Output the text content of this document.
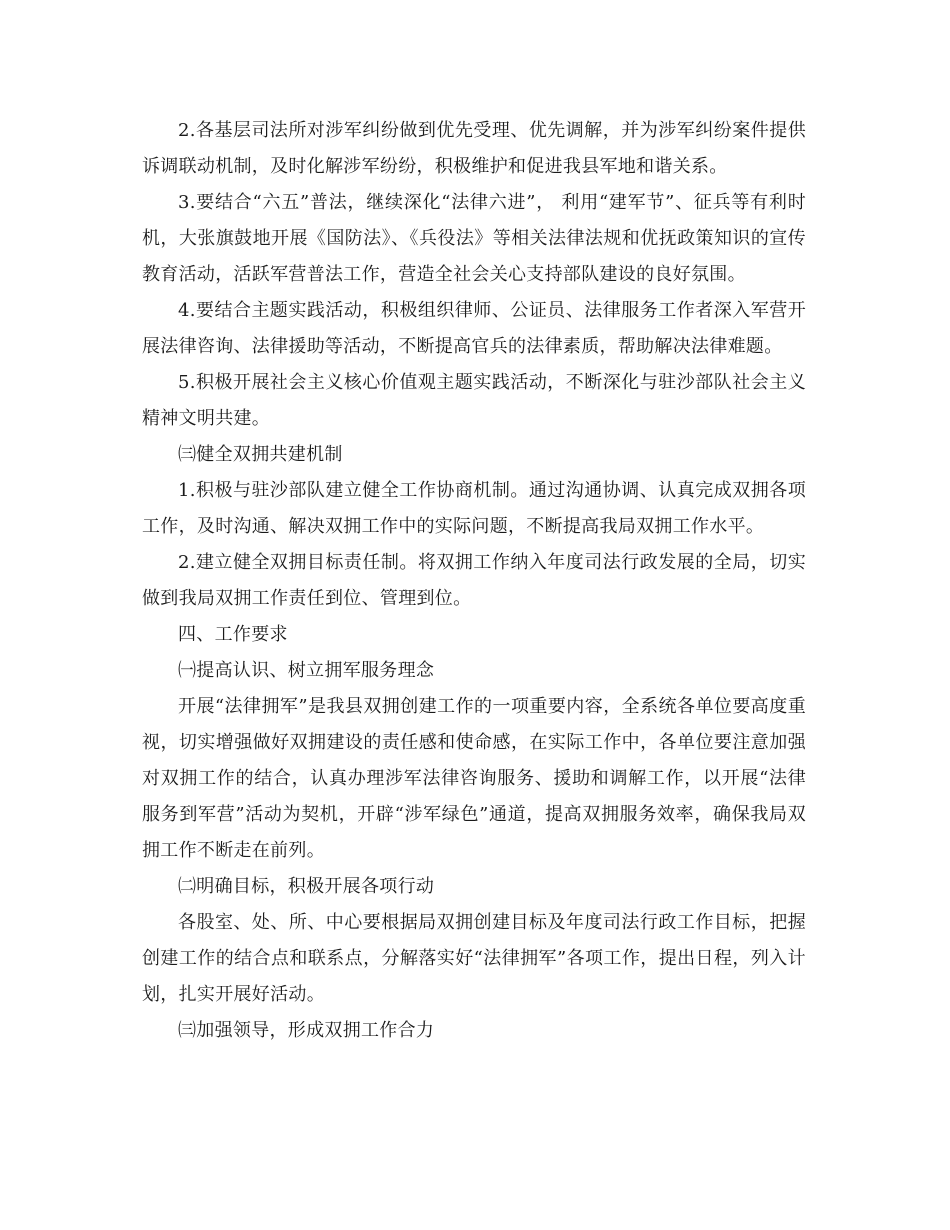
2.各基层司法所对涉军纠纷做到优先受理、优先调解，并为涉军纠纷案件提供诉调联动机制，及时化解涉军纷纷，积极维护和促进我县军地和谐关系。

3.要结合“六五”普法，继续深化“法律六进”， 利用“建军节”、征兵等有利时机，大张旗鼓地开展《国防法》、《兵役法》等相关法律法规和优抚政策知识的宣传教育活动，活跃军营普法工作，营造全社会关心支持部队建设的良好氛围。

4.要结合主题实践活动，积极组织律师、公证员、法律服务工作者深入军营开展法律咨询、法律援助等活动，不断提高官兵的法律素质，帮助解决法律难题。

5.积极开展社会主义核心价值观主题实践活动，不断深化与驻沙部队社会主义精神文明共建。

㈢健全双拥共建机制

1.积极与驻沙部队建立健全工作协商机制。通过沟通协调、认真完成双拥各项工作，及时沟通、解决双拥工作中的实际问题，不断提高我局双拥工作水平。

2.建立健全双拥目标责任制。将双拥工作纳入年度司法行政发展的全局，切实做到我局双拥工作责任到位、管理到位。

四、工作要求

㈠提高认识、树立拥军服务理念

开展“法律拥军”是我县双拥创建工作的一项重要内容，全系统各单位要高度重视，切实增强做好双拥建设的责任感和使命感，在实际工作中，各单位要注意加强对双拥工作的结合，认真办理涉军法律咨询服务、援助和调解工作，以开展“法律服务到军营”活动为契机，开辟“涉军绿色”通道，提高双拥服务效率，确保我局双拥工作不断走在前列。

㈡明确目标，积极开展各项行动

各股室、处、所、中心要根据局双拥创建目标及年度司法行政工作目标，把握创建工作的结合点和联系点，分解落实好“法律拥军”各项工作，提出日程，列入计划，扎实开展好活动。

㈢加强领导，形成双拥工作合力
